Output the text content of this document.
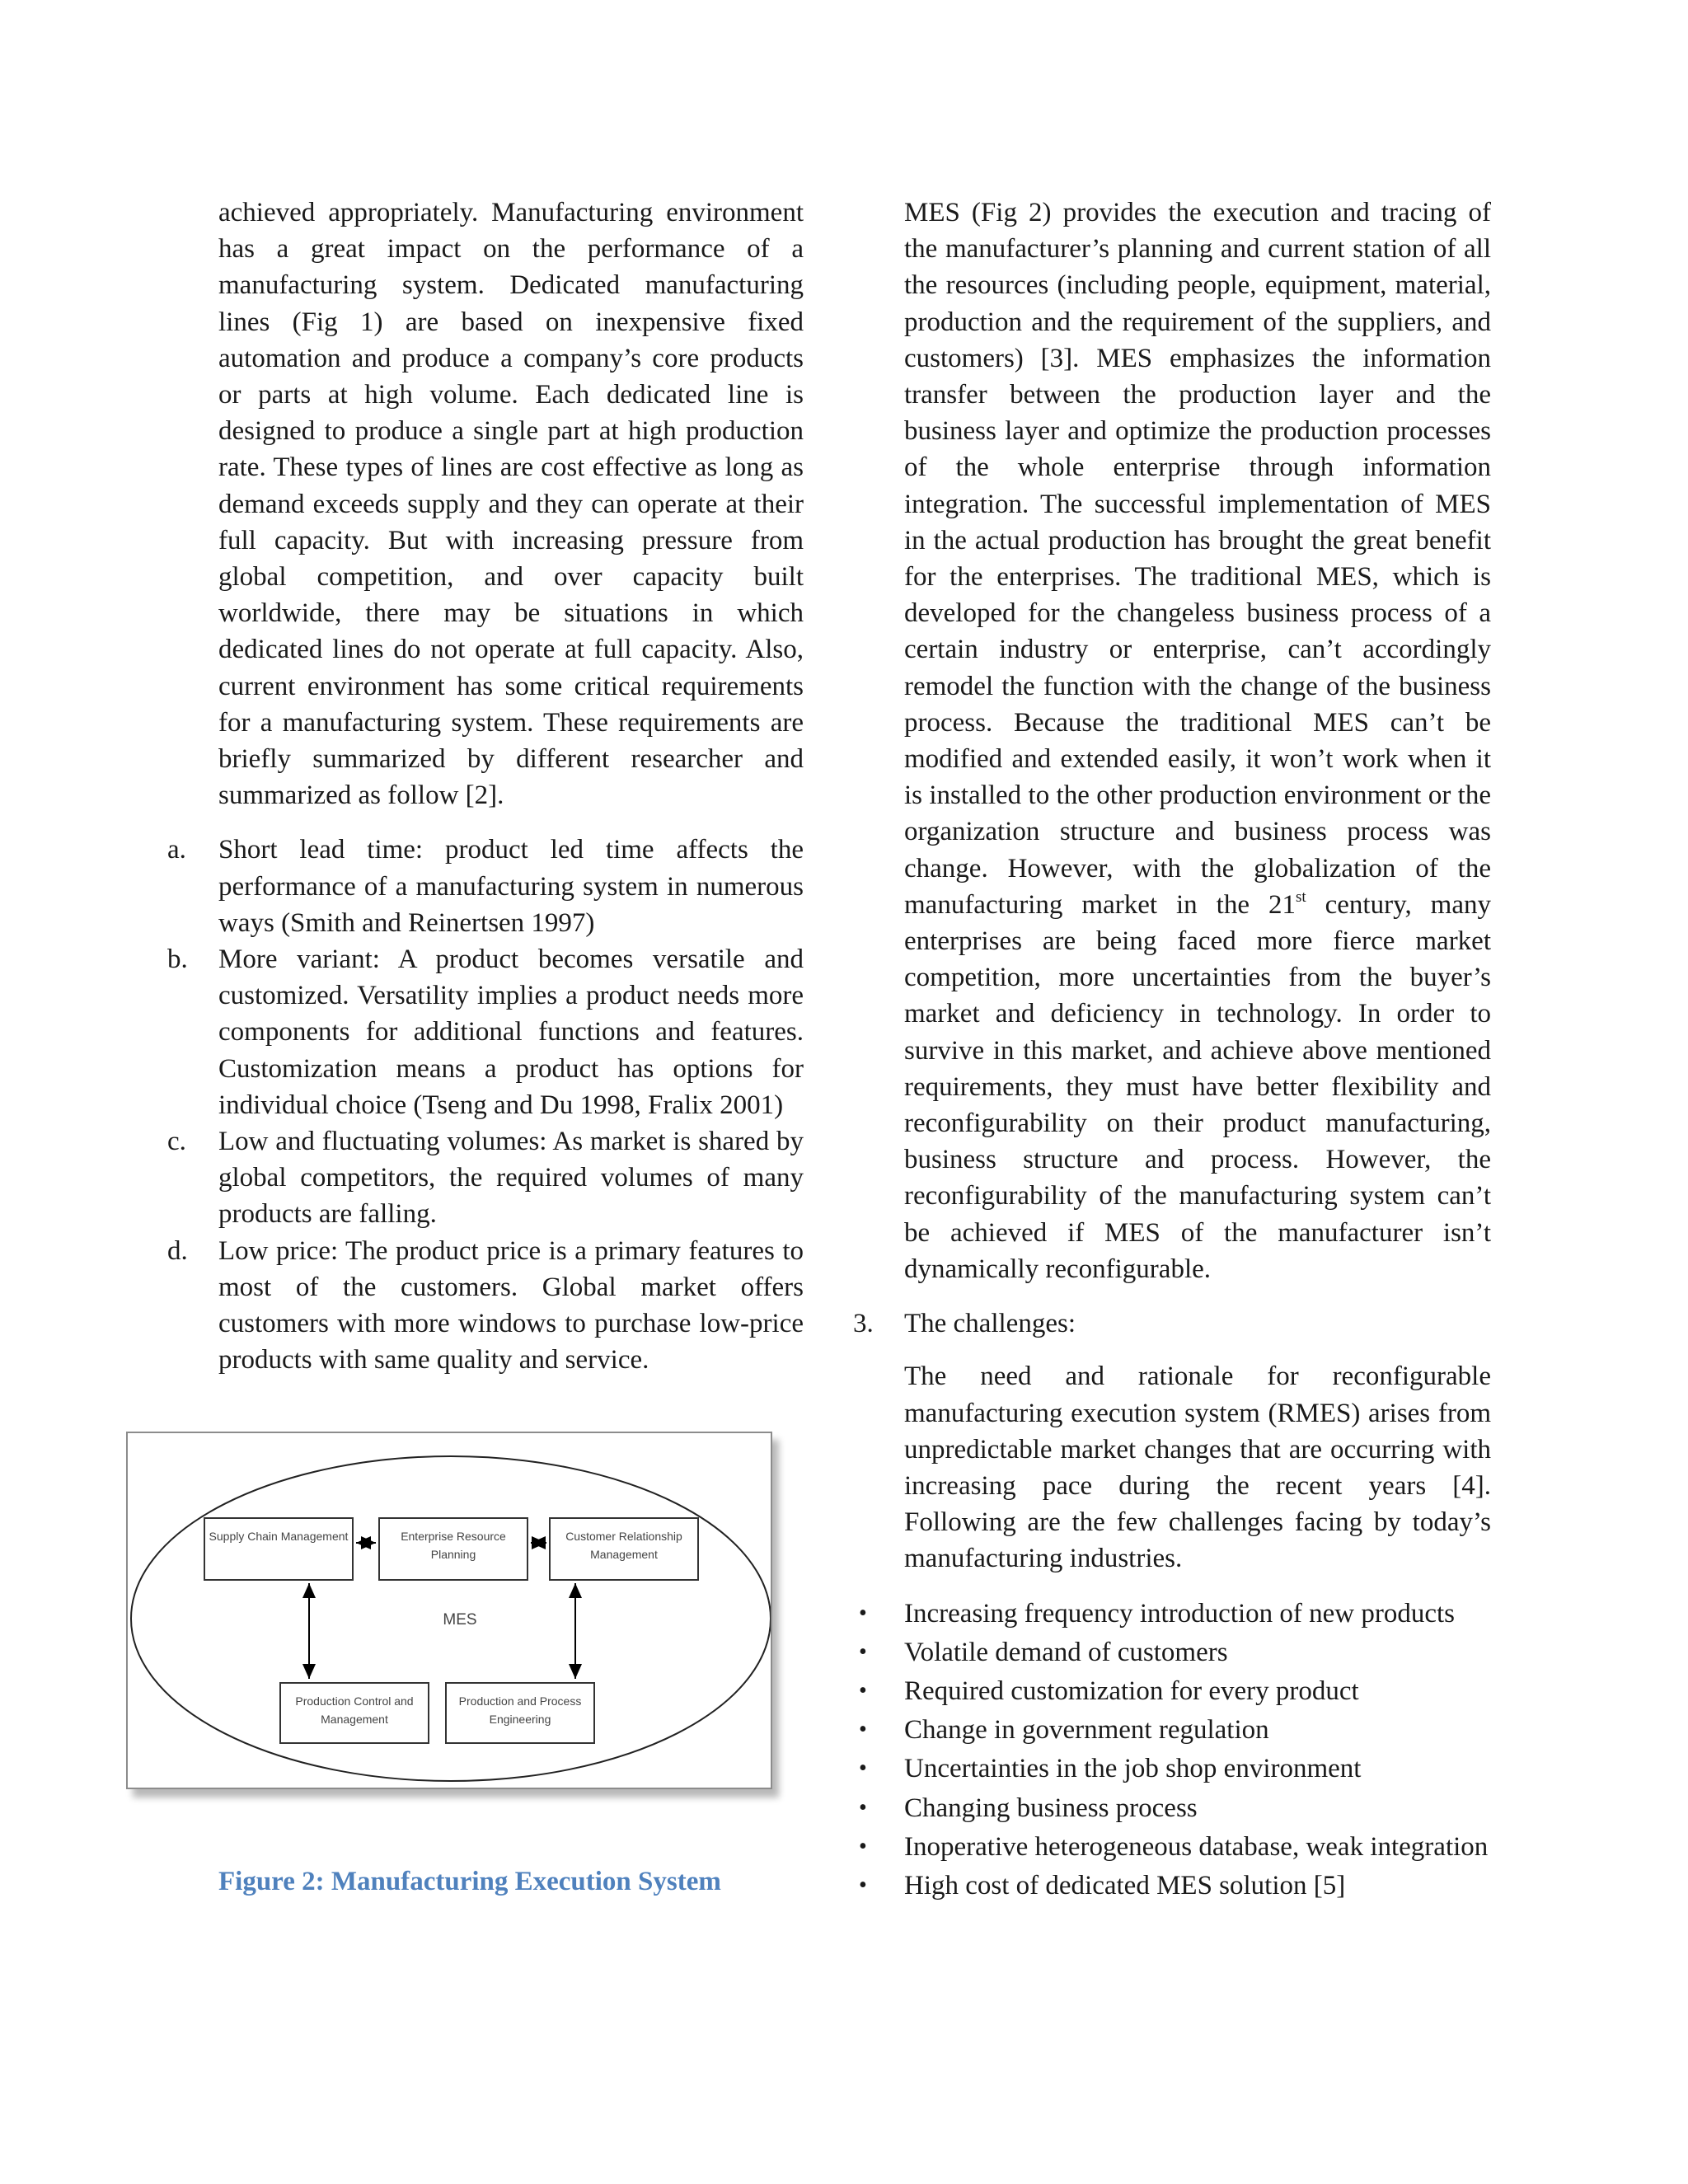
achieved appropriately. Manufacturing environment has a great impact on the performance of a manufacturing system. Dedicated manufacturing lines (Fig 1) are based on inexpensive fixed automation and produce a company’s core products or parts at high volume. Each dedicated line is designed to produce a single part at high production rate. These types of lines are cost effective as long as demand exceeds supply and they can operate at their full capacity. But with increasing pressure from global competition, and over capacity built worldwide, there may be situations in which dedicated lines do not operate at full capacity. Also, current environment has some critical requirements for a manufacturing system. These requirements are briefly summarized by different researcher and summarized as follow [2].

a. Short lead time: product led time affects the performance of a manufacturing system in numerous ways (Smith and Reinertsen 1997)
b. More variant: A product becomes versatile and customized. Versatility implies a product needs more components for additional functions and features. Customization means a product has options for individual choice (Tseng and Du 1998, Fralix 2001)
c. Low and fluctuating volumes: As market is shared by global competitors, the required volumes of many products are falling.
d. Low price: The product price is a primary features to most of the customers. Global market offers customers with more windows to purchase low-price products with same quality and service.
Supply Chain Management	Enterprise Resource
Planning
Customer Relationship
Management
MES
Production Control and
Management
Production and Process
Engineering
Figure 2: Manufacturing Execution System

MES (Fig 2) provides the execution and tracing of the manufacturer’s planning and current station of all the resources (including people, equipment, material, production and the requirement of the suppliers, and customers) [3]. MES emphasizes the information transfer between the production layer and the business layer and optimize the production processes of the whole enterprise through information integration. The successful implementation of MES in the actual production has brought the great benefit for the enterprises. The traditional MES, which is developed for the changeless business process of a certain industry or enterprise, can’t accordingly remodel the function with the change of the business process. Because the traditional MES can’t be modified and extended easily, it won’t work when it is installed to the other production environment or the organization structure and business process was change. However, with the globalization of the manufacturing market in the 21st century, many enterprises are being faced more fierce market competition, more uncertainties from the buyer’s market and deficiency in technology. In order to survive in this market, and achieve above mentioned requirements, they must have better flexibility and reconfigurability on their product manufacturing, business structure and process. However, the reconfigurability of the manufacturing system can’t be achieved if MES of the manufacturer isn’t dynamically reconfigurable.

3. The challenges:

The need and rationale for reconfigurable manufacturing execution system (RMES) arises from unpredictable market changes that are occurring with increasing pace during the recent years [4]. Following are the few challenges facing by today’s manufacturing industries.

• Increasing frequency introduction of new products
• Volatile demand of customers
• Required customization for every product
• Change in government regulation
• Uncertainties in the job shop environment
• Changing business process
• Inoperative heterogeneous database, weak integration
• High cost of dedicated MES solution [5]
